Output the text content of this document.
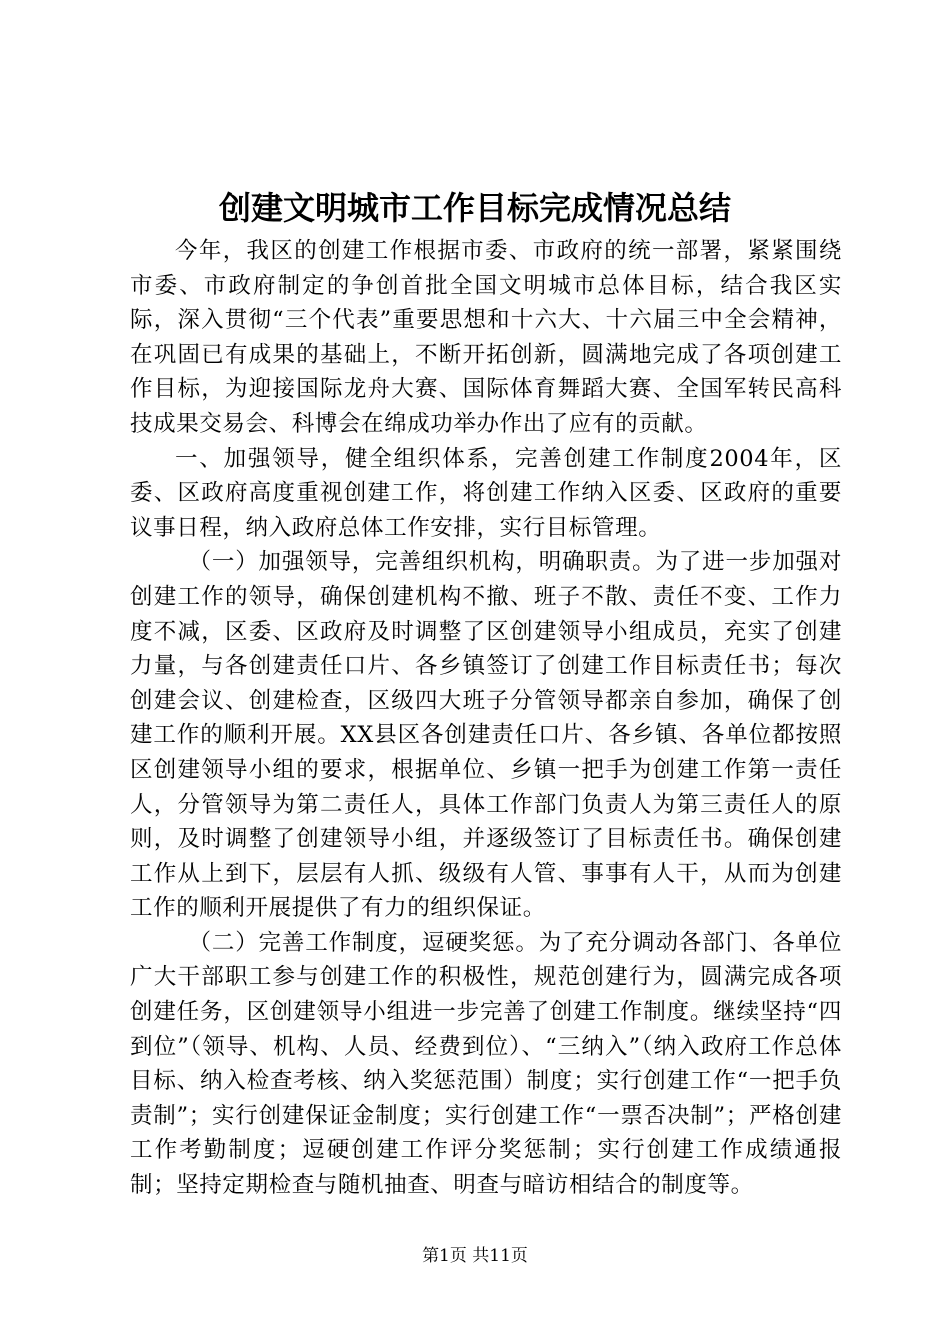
创建文明城市工作目标完成情况总结

今年，我区的创建工作根据市委、市政府的统一部署，紧紧围绕市委、市政府制定的争创首批全国文明城市总体目标，结合我区实际，深入贯彻“三个代表”重要思想和十六大、十六届三中全会精神，在巩固已有成果的基础上，不断开拓创新，圆满地完成了各项创建工作目标，为迎接国际龙舟大赛、国际体育舞蹈大赛、全国军转民高科技成果交易会、科博会在绵成功举办作出了应有的贡献。

一、加强领导，健全组织体系，完善创建工作制度2004年，区委、区政府高度重视创建工作，将创建工作纳入区委、区政府的重要议事日程，纳入政府总体工作安排，实行目标管理。

（一）加强领导，完善组织机构，明确职责。为了进一步加强对创建工作的领导，确保创建机构不撤、班子不散、责任不变、工作力度不减，区委、区政府及时调整了区创建领导小组成员，充实了创建力量，与各创建责任口片、各乡镇签订了创建工作目标责任书；每次创建会议、创建检查，区级四大班子分管领导都亲自参加，确保了创建工作的顺利开展。XX县区各创建责任口片、各乡镇、各单位都按照区创建领导小组的要求，根据单位、乡镇一把手为创建工作第一责任人，分管领导为第二责任人，具体工作部门负责人为第三责任人的原则，及时调整了创建领导小组，并逐级签订了目标责任书。确保创建工作从上到下，层层有人抓、级级有人管、事事有人干，从而为创建工作的顺利开展提供了有力的组织保证。

（二）完善工作制度，逗硬奖惩。为了充分调动各部门、各单位广大干部职工参与创建工作的积极性，规范创建行为，圆满完成各项创建任务，区创建领导小组进一步完善了创建工作制度。继续坚持“四到位”（领导、机构、人员、经费到位）、“三纳入”（纳入政府工作总体目标、纳入检查考核、纳入奖惩范围）制度；实行创建工作“一把手负责制”；实行创建保证金制度；实行创建工作“一票否决制”；严格创建工作考勤制度；逗硬创建工作评分奖惩制；实行创建工作成绩通报制；坚持定期检查与随机抽查、明查与暗访相结合的制度等。

第1页 共11页
